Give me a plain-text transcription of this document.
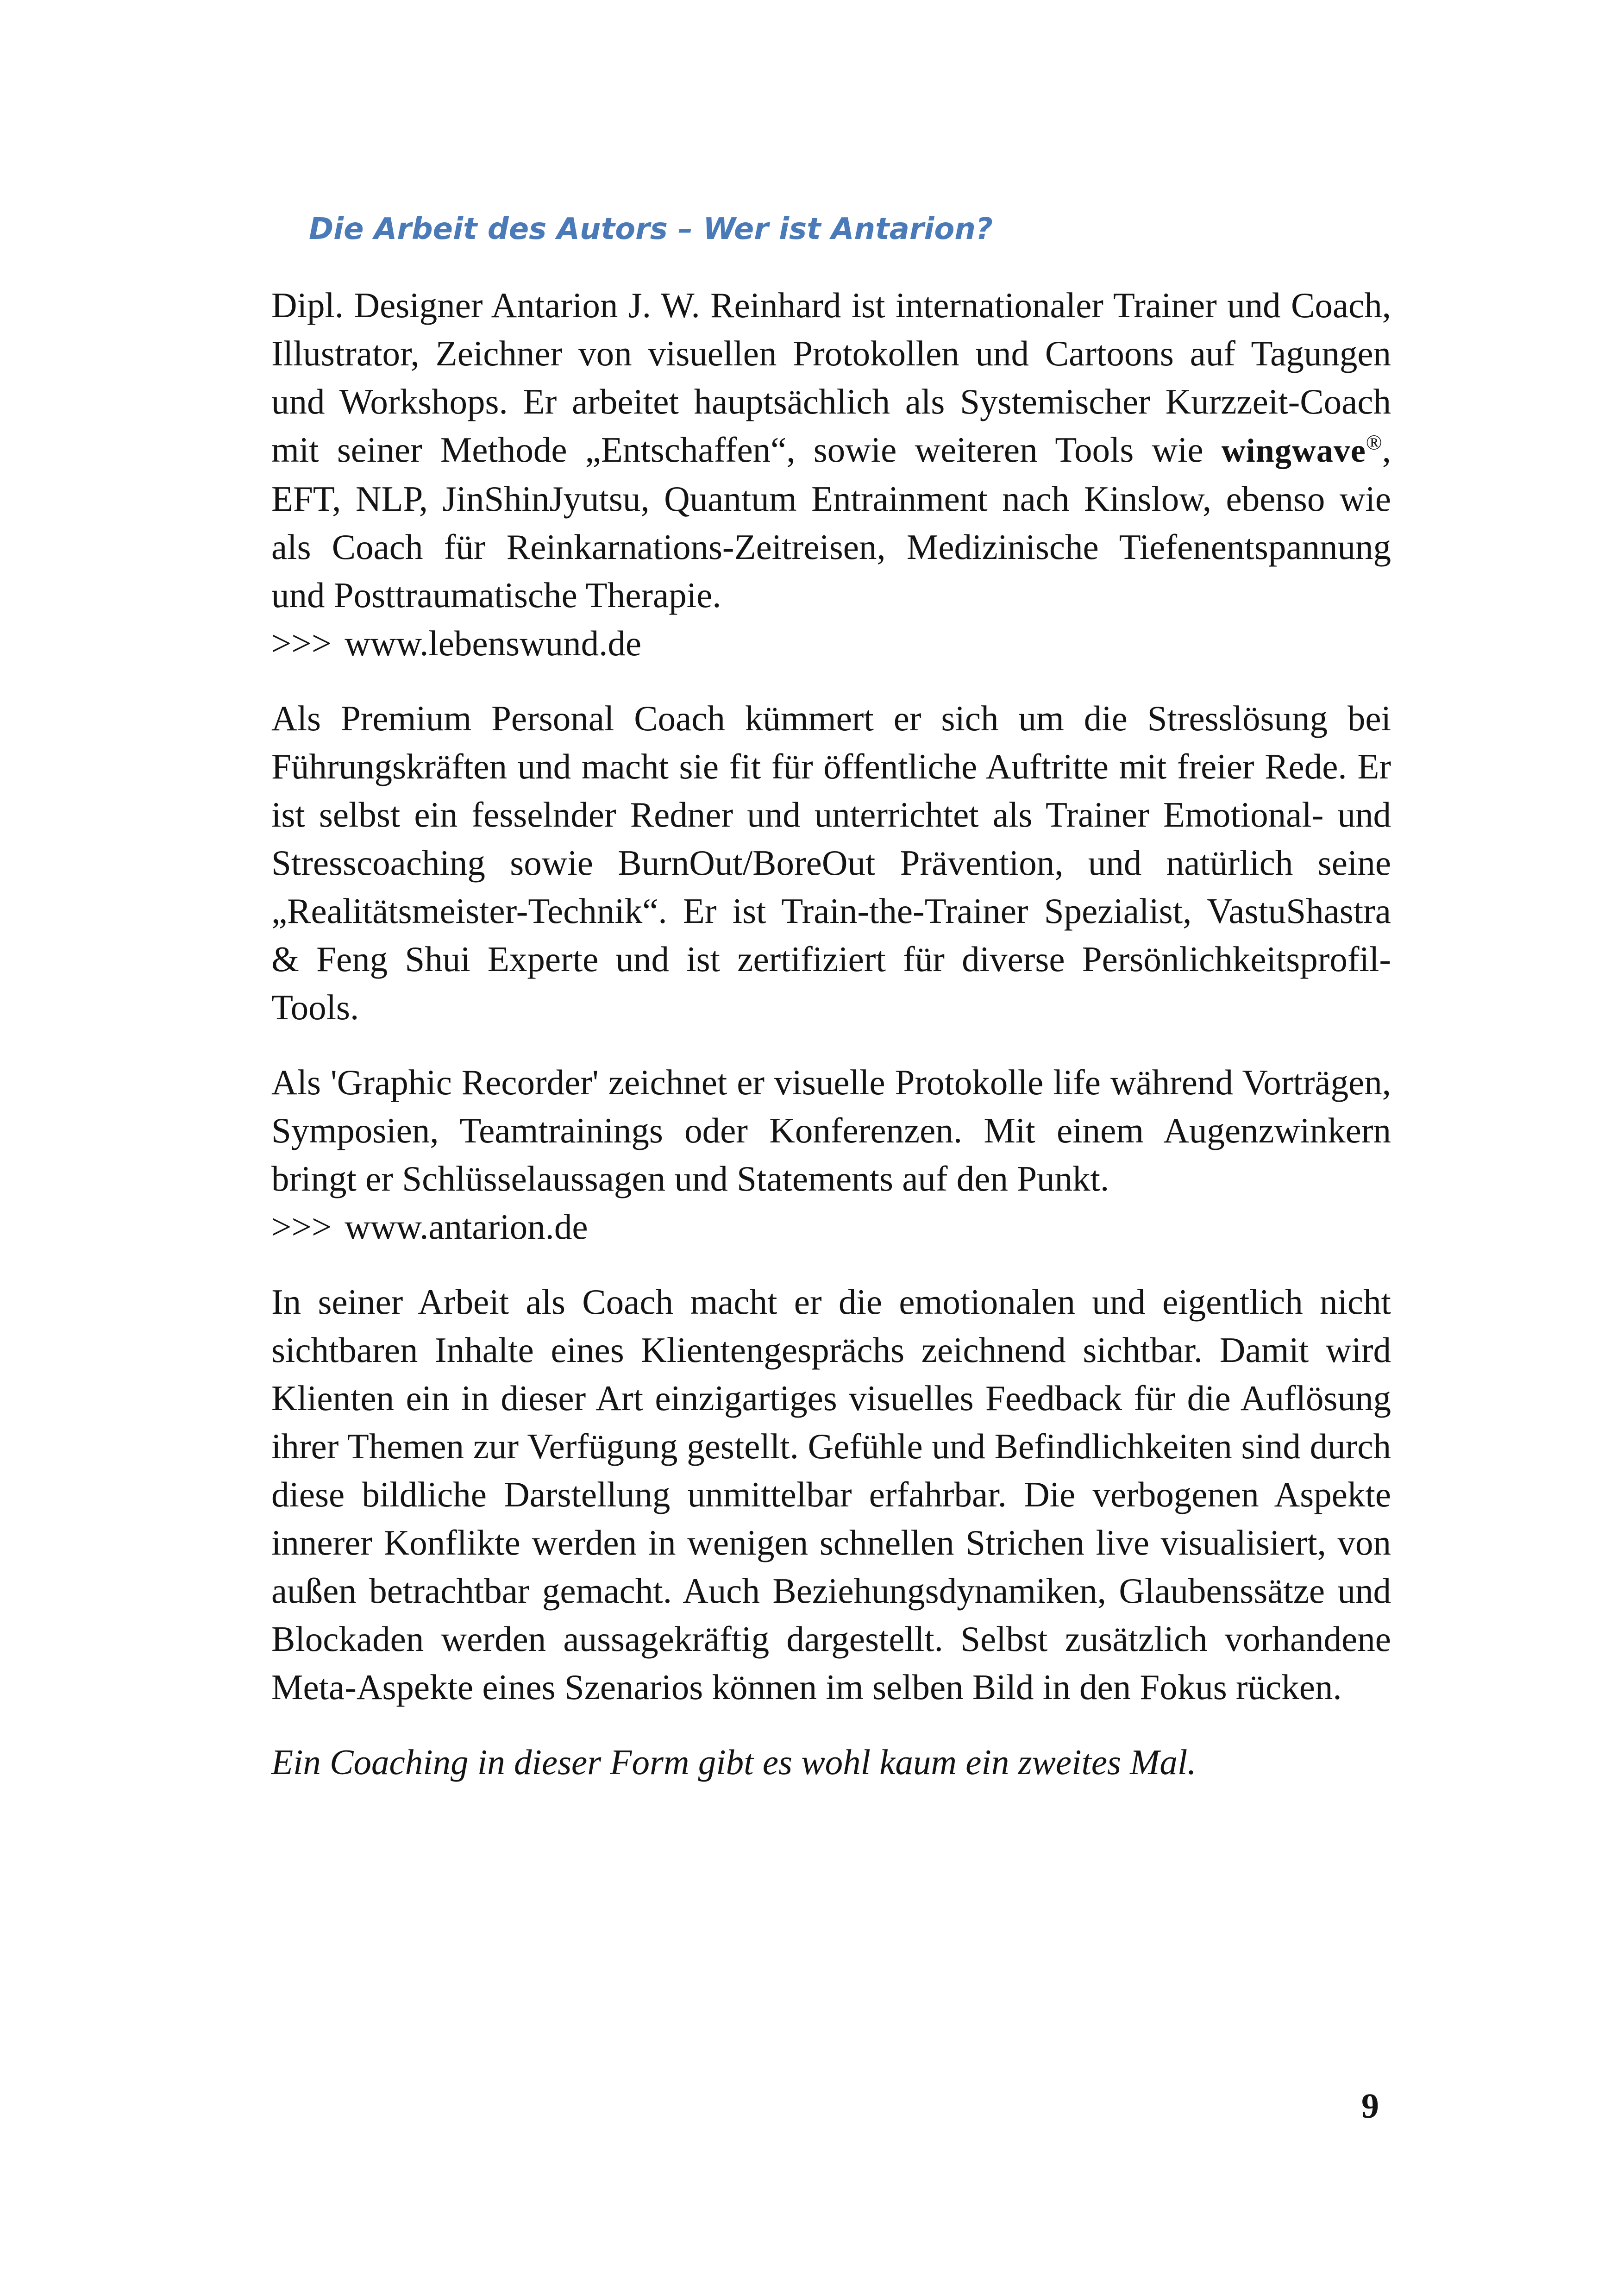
Die Arbeit des Autors – Wer ist Antarion?

Dipl. Designer Antarion J. W. Reinhard ist internationaler Trainer und Coach, Illustrator, Zeichner von visuellen Protokollen und Cartoons auf Tagungen und Workshops. Er arbeitet hauptsächlich als Systemischer Kurzzeit-Coach mit seiner Methode „Entschaffen“, sowie weiteren Tools wie wingwave®, EFT, NLP, JinShinJyutsu, Quantum Entrainment nach Kinslow, ebenso wie als Coach für Reinkarnations-Zeitreisen, Medizinische Tiefenentspannung und Posttraumatische Therapie.

>>> www.lebenswund.de

Als Premium Personal Coach kümmert er sich um die Stresslösung bei Führungskräften und macht sie fit für öffentliche Auftritte mit freier Rede. Er ist selbst ein fesselnder Redner und unterrichtet als Trainer Emotional- und Stresscoaching sowie BurnOut/BoreOut Prävention, und natürlich seine „Realitätsmeister-Technik“. Er ist Train-the-Trainer Spezialist, VastuShastra & Feng Shui Experte und ist zertifiziert für diverse Persönlichkeitsprofil-Tools.

Als 'Graphic Recorder' zeichnet er visuelle Protokolle life während Vorträgen, Symposien, Teamtrainings oder Konferenzen. Mit einem Augenzwinkern bringt er Schlüsselaussagen und Statements auf den Punkt.

>>> www.antarion.de

In seiner Arbeit als Coach macht er die emotionalen und eigentlich nicht sichtbaren Inhalte eines Klientengesprächs zeichnend sichtbar. Damit wird Klienten ein in dieser Art einzigartiges visuelles Feedback für die Auflösung ihrer Themen zur Verfügung gestellt. Gefühle und Befindlichkeiten sind durch diese bildliche Darstellung unmittelbar erfahrbar. Die verbogenen Aspekte innerer Konflikte werden in wenigen schnellen Strichen live visualisiert, von außen betrachtbar gemacht. Auch Beziehungsdynamiken, Glaubenssätze und Blockaden werden aussagekräftig dargestellt. Selbst zusätzlich vorhandene Meta-Aspekte eines Szenarios können im selben Bild in den Fokus rücken.

Ein Coaching in dieser Form gibt es wohl kaum ein zweites Mal.

9
